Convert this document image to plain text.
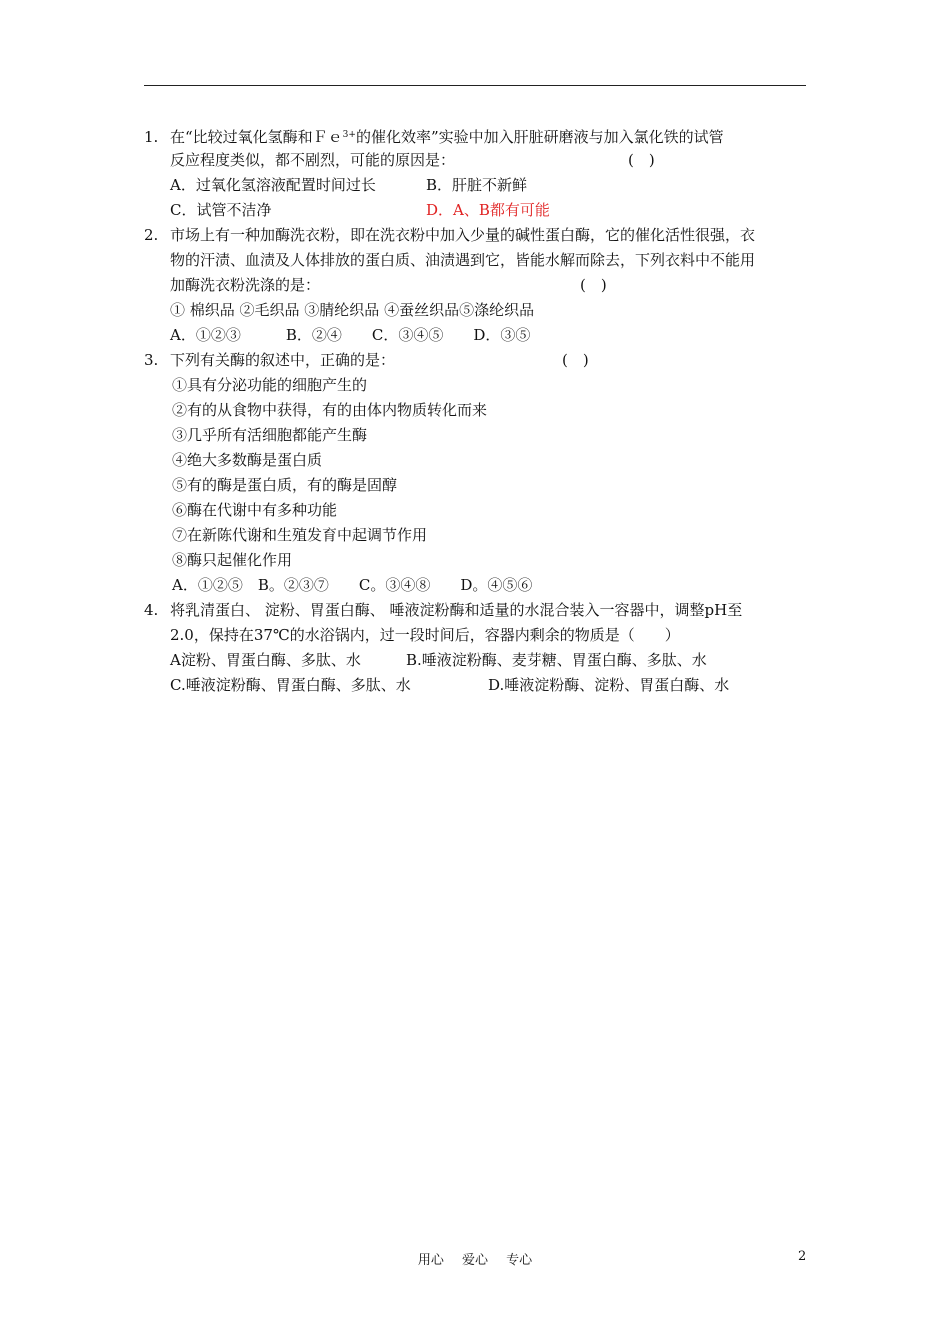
1. 在“比较过氧化氢酶和Ｆｅ$^{3+}$的催化效率”实验中加入肝脏研磨液与加入氯化铁的试管
反应程度类似，都不剧烈，可能的原因是：	(　)
A．过氧化氢溶液配置时间过长	B．肝脏不新鲜
C．试管不洁净	D．A、B都有可能
2. 市场上有一种加酶洗衣粉，即在洗衣粉中加入少量的碱性蛋白酶，它的催化活性很强，衣
物的汗渍、血渍及人体排放的蛋白质、油渍遇到它，皆能水解而除去，下列衣料中不能用
加酶洗衣粉洗涤的是：	(　)
① 棉织品 ②毛织品 ③腈纶织品 ④蚕丝织品⑤涤纶织品
A．①②③　　　B．②④　　C．③④⑤　　D．③⑤
3. 下列有关酶的叙述中，正确的是：	(　)
①具有分泌功能的细胞产生的
②有的从食物中获得，有的由体内物质转化而来
③几乎所有活细胞都能产生酶
④绝大多数酶是蛋白质
⑤有的酶是蛋白质，有的酶是固醇
⑥酶在代谢中有多种功能
⑦在新陈代谢和生殖发育中起调节作用
⑧酶只起催化作用
A．①②⑤　B。②③⑦　　C。③④⑧　　D。④⑤⑥
4. 将乳清蛋白、 淀粉、胃蛋白酶、 唾液淀粉酶和适量的水混合装入一容器中，调整pH至
2.0，保持在37℃的水浴锅内，过一段时间后，容器内剩余的物质是（　　）
A淀粉、胃蛋白酶、多肽、水	B.唾液淀粉酶、麦芽糖、胃蛋白酶、多肽、水
C.唾液淀粉酶、胃蛋白酶、多肽、水	D.唾液淀粉酶、淀粉、胃蛋白酶、水
用心 爱心 专心	2
